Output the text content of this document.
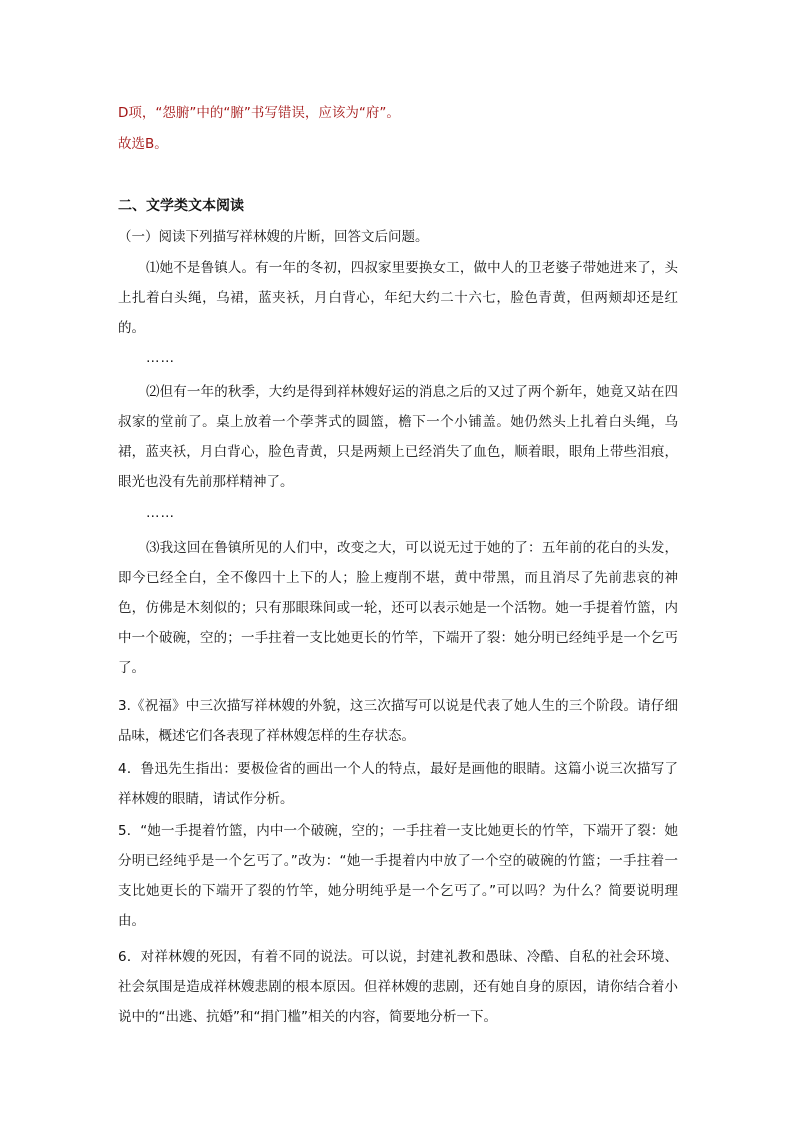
D项，“怨腑”中的“腑”书写错误，应该为“府”。
故选B。
二、文学类文本阅读
（一）阅读下列描写祥林嫂的片断，回答文后问题。
⑴她不是鲁镇人。有一年的冬初，四叔家里要换女工，做中人的卫老婆子带她进来了，头上扎着白头绳，乌裙，蓝夹袄，月白背心，年纪大约二十六七，脸色青黄，但两颊却还是红的。
……
⑵但有一年的秋季，大约是得到祥林嫂好运的消息之后的又过了两个新年，她竟又站在四叔家的堂前了。桌上放着一个荸荠式的圆篮，檐下一个小铺盖。她仍然头上扎着白头绳，乌裙，蓝夹袄，月白背心，脸色青黄，只是两颊上已经消失了血色，顺着眼，眼角上带些泪痕，眼光也没有先前那样精神了。
……
⑶我这回在鲁镇所见的人们中，改变之大，可以说无过于她的了：五年前的花白的头发，即今已经全白，全不像四十上下的人；脸上瘦削不堪，黄中带黑，而且消尽了先前悲哀的神色，仿佛是木刻似的；只有那眼珠间或一轮，还可以表示她是一个活物。她一手提着竹篮，内中一个破碗，空的；一手拄着一支比她更长的竹竿，下端开了裂：她分明已经纯乎是一个乞丐了。
3.《祝福》中三次描写祥林嫂的外貌，这三次描写可以说是代表了她人生的三个阶段。请仔细品味，概述它们各表现了祥林嫂怎样的生存状态。
4．鲁迅先生指出：要极俭省的画出一个人的特点，最好是画他的眼睛。这篇小说三次描写了祥林嫂的眼睛，请试作分析。
5．“她一手提着竹篮，内中一个破碗，空的；一手拄着一支比她更长的竹竿，下端开了裂：她分明已经纯乎是一个乞丐了。”改为：“她一手提着内中放了一个空的破碗的竹篮；一手拄着一支比她更长的下端开了裂的竹竿，她分明纯乎是一个乞丐了。”可以吗？为什么？简要说明理由。
6．对祥林嫂的死因，有着不同的说法。可以说，封建礼教和愚昧、冷酷、自私的社会环境、社会氛围是造成祥林嫂悲剧的根本原因。但祥林嫂的悲剧，还有她自身的原因，请你结合着小说中的“出逃、抗婚”和“捐门槛”相关的内容，简要地分析一下。
